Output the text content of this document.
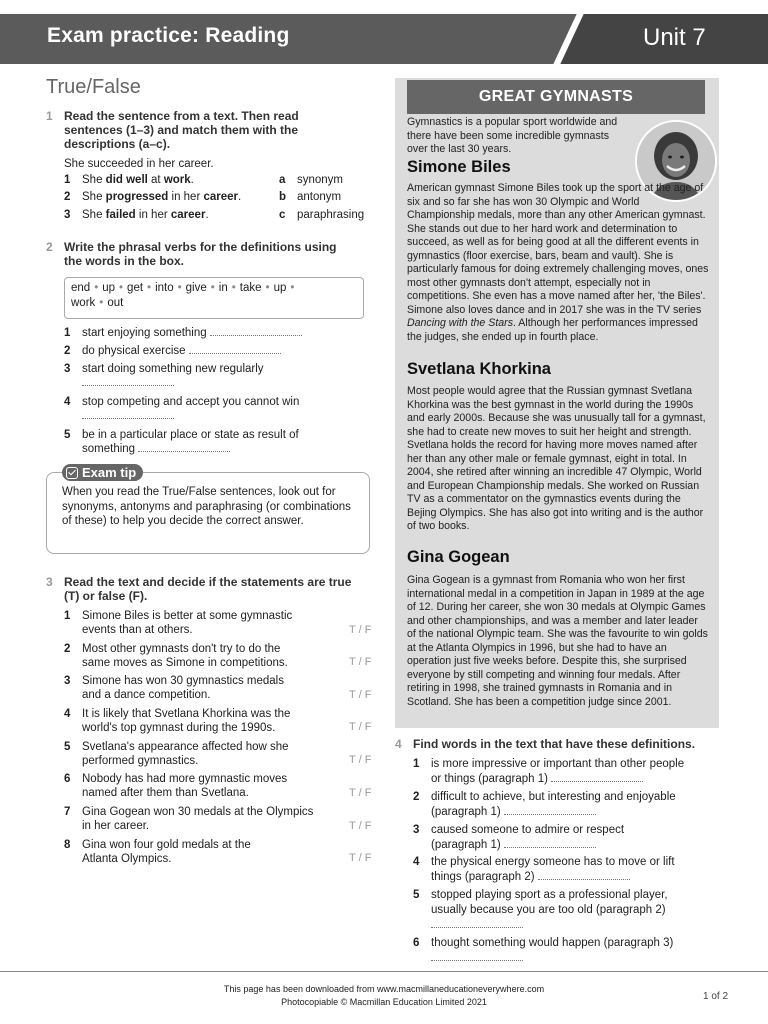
Exam practice: Reading	Unit 7
True/False
1 Read the sentence from a text. Then read sentences (1–3) and match them with the descriptions (a–c).
She succeeded in her career.
1 She did well at work.	a synonym
2 She progressed in her career.	b antonym
3 She failed in her career.	c paraphrasing
2 Write the phrasal verbs for the definitions using the words in the box.
end • up • get • into • give • in • take • up •
work • out
1 start enjoying something
2 do physical exercise
3 start doing something new regularly

4 stop competing and accept you cannot win

5 be in a particular place or state as result of
something
Exam tip
When you read the True/False sentences, look out for synonyms, antonyms and paraphrasing (or combinations of these) to help you decide the correct answer.
3 Read the text and decide if the statements are true (T) or false (F).
1 Simone Biles is better at some gymnastic
events than at others.	T / F
2 Most other gymnasts don't try to do the
same moves as Simone in competitions.	T / F
3 Simone has won 30 gymnastics medals
and a dance competition.	T / F
4 It is likely that Svetlana Khorkina was the
world's top gymnast during the 1990s.	T / F
5 Svetlana's appearance affected how she
performed gymnastics.	T / F
6 Nobody has had more gymnastic moves
named after them than Svetlana.	T / F
7 Gina Gogean won 30 medals at the Olympics
in her career.	T / F
8 Gina won four gold medals at the
Atlanta Olympics.	T / F
GREAT GYMNASTS
Gymnastics is a popular sport worldwide and there have been some incredible gymnasts over the last 30 years.
Simone Biles
American gymnast Simone Biles took up the sport at the age of six and so far she has won 30 Olympic and World Championship medals, more than any other American gymnast. She stands out due to her hard work and determination to succeed, as well as for being good at all the different events in gymnastics (floor exercise, bars, beam and vault). She is particularly famous for doing extremely challenging moves, ones most other gymnasts don't attempt, especially not in competitions. She even has a move named after her, 'the Biles'. Simone also loves dance and in 2017 she was in the TV series Dancing with the Stars. Although her performances impressed the judges, she ended up in fourth place.
Svetlana Khorkina
Most people would agree that the Russian gymnast Svetlana Khorkina was the best gymnast in the world during the 1990s and early 2000s. Because she was unusually tall for a gymnast, she had to create new moves to suit her height and strength. Svetlana holds the record for having more moves named after her than any other male or female gymnast, eight in total. In 2004, she retired after winning an incredible 47 Olympic, World and European Championship medals. She worked on Russian TV as a commentator on the gymnastics events during the Bejing Olympics. She has also got into writing and is the author of two books.
Gina Gogean
Gina Gogean is a gymnast from Romania who won her first international medal in a competition in Japan in 1989 at the age of 12. During her career, she won 30 medals at Olympic Games and other championships, and was a member and later leader of the national Olympic team. She was the favourite to win golds at the Atlanta Olympics in 1996, but she had to have an operation just five weeks before. Despite this, she surprised everyone by still competing and winning four medals. After retiring in 1998, she trained gymnasts in Romania and in Scotland. She has been a competition judge since 2001.
4 Find words in the text that have these definitions.
1 is more impressive or important than other people
or things (paragraph 1)
2 difficult to achieve, but interesting and enjoyable
(paragraph 1)
3 caused someone to admire or respect
(paragraph 1)
4 the physical energy someone has to move or lift
things (paragraph 2)
5 stopped playing sport as a professional player,
usually because you are too old (paragraph 2)

6 thought something would happen (paragraph 3)

This page has been downloaded from www.macmillaneducationeverywhere.com
Photocopiable © Macmillan Education Limited 2021	1 of 2
